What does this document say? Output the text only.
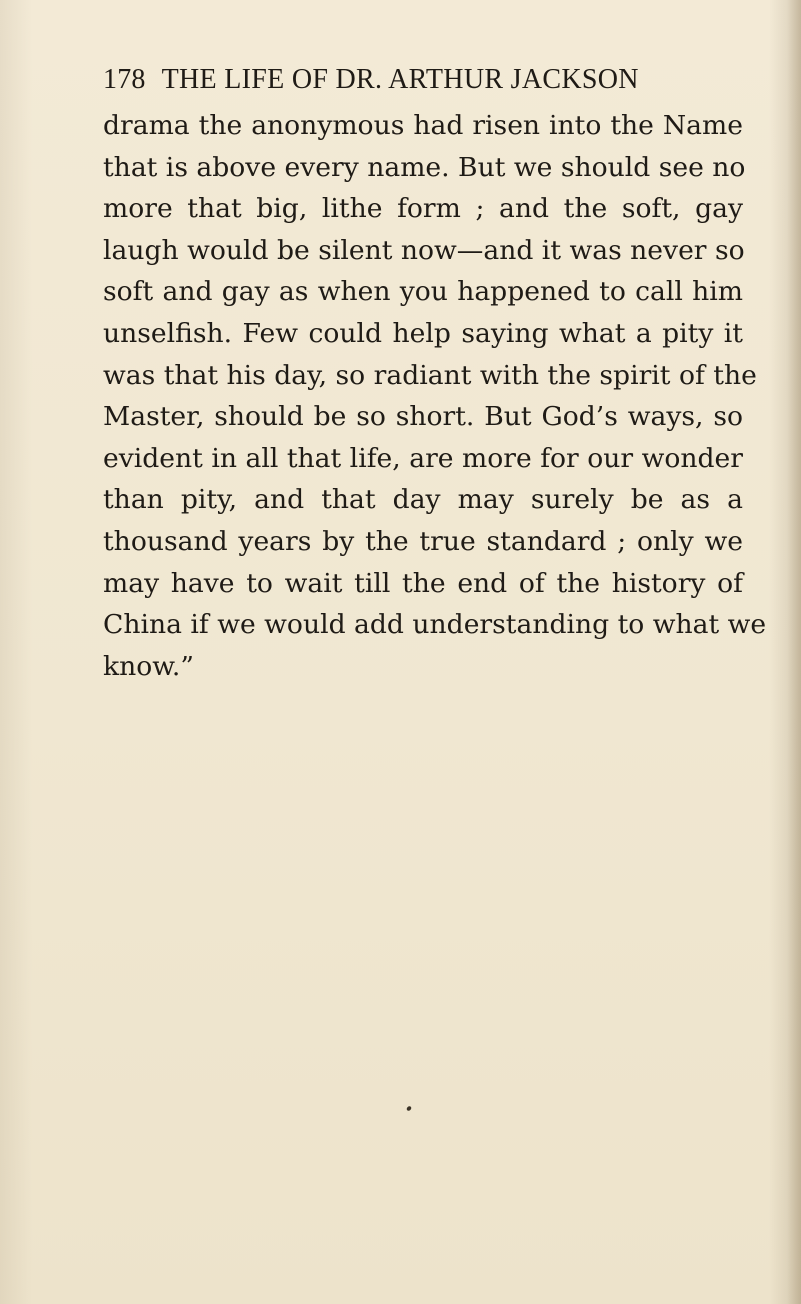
178 THE LIFE OF DR. ARTHUR JACKSON
drama the anonymous had risen into the Name
that is above every name. But we should see no
more that big, lithe form ; and the soft, gay
laugh would be silent now—and it was never so
soft and gay as when you happened to call him
unselfish. Few could help saying what a pity it
was that his day, so radiant with the spirit of the
Master, should be so short. But God’s ways, so
evident in all that life, are more for our wonder
than pity, and that day may surely be as a
thousand years by the true standard ; only we
may have to wait till the end of the history of
China if we would add understanding to what we
know.”
